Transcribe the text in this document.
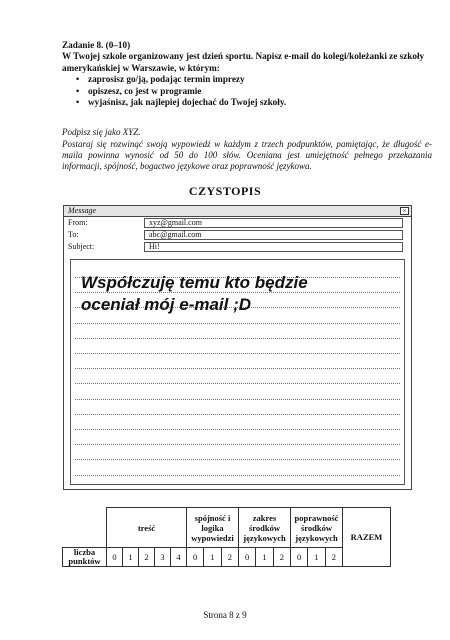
Zadanie 8. (0–10)
W Twojej szkole organizowany jest dzień sportu. Napisz e-mail do kolegi/koleżanki ze szkoły amerykańskiej w Warszawie, w którym:
• zaprosisz go/ją, podając termin imprezy
• opiszesz, co jest w programie
• wyjaśnisz, jak najlepiej dojechać do Twojej szkoły.
Podpisz się jako XYZ.
Postaraj się rozwinąć swoją wypowiedź w każdym z trzech podpunktów, pamiętając, że długość e-maila powinna wynosić od 50 do 100 słów. Oceniana jest umiejętność pełnego przekazania informacji, spójność, bogactwo językowe oraz poprawność językowa.
CZYSTOPIS
Message	×
From:	xyz@gmail.com
To:	abc@gmail.com
Subject:	Hi!
Współczuję temu kto będzie
oceniał mój e-mail ;D
	treść					spójność i logika wypowiedzi			zakres środków językowych			poprawność środków językowych			RAZEM
liczba punktów	0	1	2	3	4	0	1	2	0	1	2	0	1	2	
Strona 8 z 9
